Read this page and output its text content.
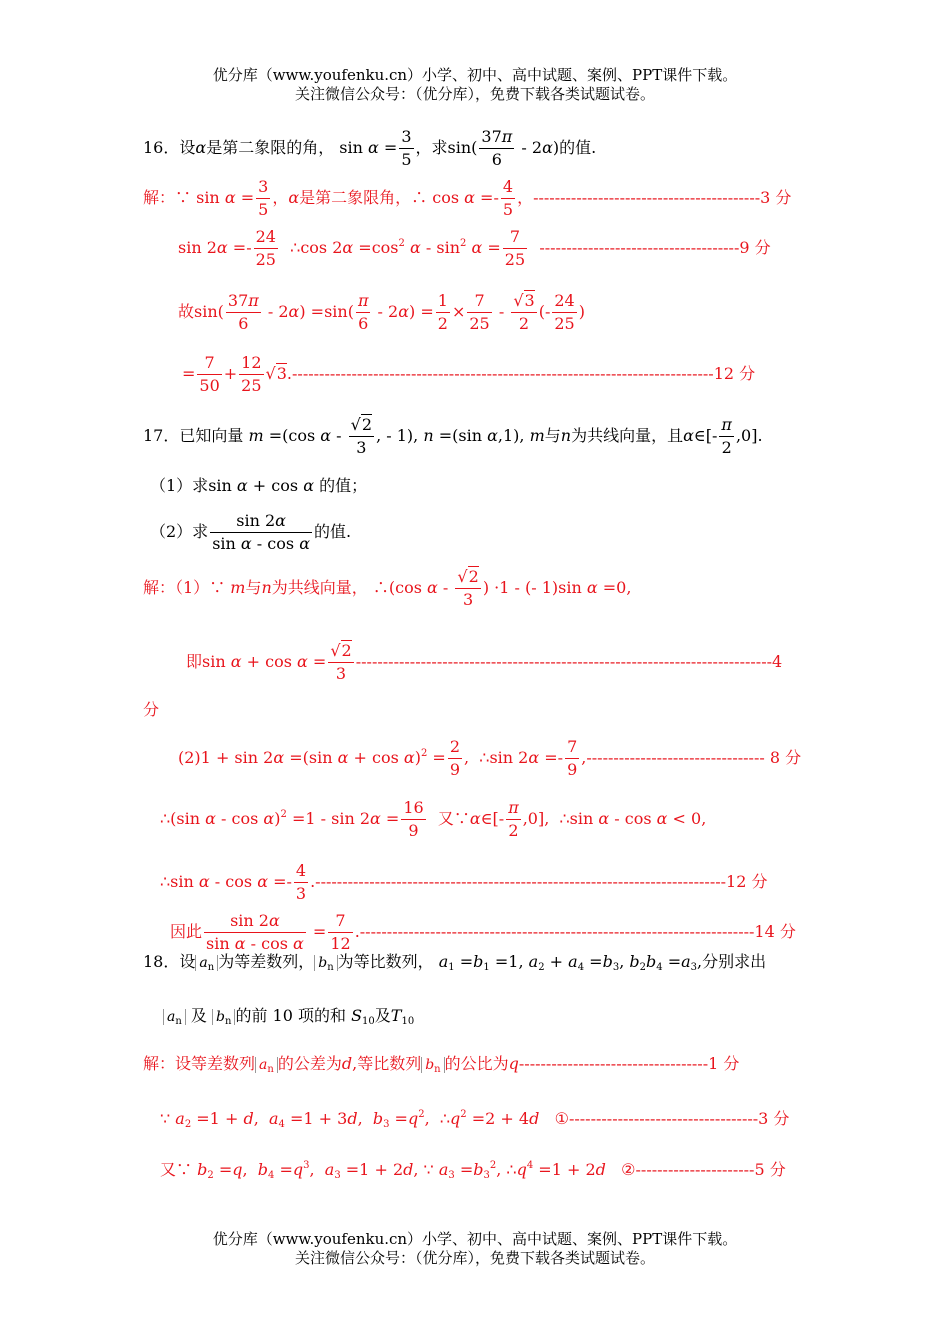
优分库（www.youfenku.cn）小学、初中、高中试题、案例、PPT课件下载。
关注微信公众号：（优分库），免费下载各类试题试卷。
16．设α是第二象限的角， $\sin \alpha = \frac{3}{5}$ ，求$\sin( \frac{37\pi}{6} - 2\alpha)$的值.
解：∵ $\sin \alpha = \frac{3}{5}$ ，α是第二象限角，∴ $\cos \alpha =- \frac{4}{5}$ ，------------------------------------------3 分
$\sin 2\alpha =- \frac{24}{25}$ ∴cos $2\alpha =\cos^2$ $\alpha - \sin^2 \alpha = \frac{7}{25} -------------------------------------9$ 分
故$\sin( \frac{37\pi}{6} - 2\alpha) =\sin( \frac{\pi}{6} - 2\alpha) = \frac{1}{2} \times \frac{7}{25} - \frac{√3}{2}$ (- $\frac{24}{25}$ )
= $\frac{7}{50} + \frac{12}{25} √3.------------------------------------------------------------------------------12$ 分
17．已知向量 m =(cos α - $\frac{√2}{3}$ , - 1), n =(sin α,1), m与n为共线向量，且α∈[- $\frac{\pi}{2} ,0$].
（1）求sin α + cos α 的值；
（2）求 $\frac{\sin 2\alpha}{\text{sin α - cos α}}$ 的值.
解：（1）∵ m与n为共线向量， ∴(cos α - $\frac{√2}{3}$ ) ·1 - (- 1)sin α =0,
即$\sin \alpha + \cos \alpha = \frac{√2}{3} -----------------------------------------------------------------------------4$
分
(2)1 + sin 2α =(sin $\alpha + \cos \alpha)^2 = \frac{2}{9}$ ,  ∴sin $2\alpha =- \frac{7}{9}$ ,--------------------------------- 8 分
∴(sin $\alpha - \cos \alpha)^2 =1 - \sin 2\alpha = \frac{16}{9}$ 又∵α∈[- $\frac{\pi}{2} ,0$],  ∴sin α - cos α < 0,
∴sin $\alpha - \cos \alpha =- \frac{4}{3} .----------------------------------------------------------------------------12$ 分
因此 $\frac{\sin 2\alpha}{\text{sin α - cos α}} = \frac{7}{12} .-------------------------------------------------------------------------14$ 分
18．设 $a_n$ 为等差数列， $b_n$ 为等比数列， $a_1 =b_1 =1$, $a_2 + a_4 =b_3$, $b_2b_4 =a_3$,分别求出
$a_n$ 及 $b_n$ 的前 10 项的和 $S_{10}$及$T_{10}$
解：设等差数列 $a_n$ 的公差为d,等比数列 $b_n$ 的公比为q-----------------------------------1 分
∵ $a_2 =1 + d$,  $a_4 =1 + 3d$,  $b_3 =q^2$,  $\therefore q^2 =2 + 4d$ ①-----------------------------------3 分
又∵ $b_2 =q$,  $b_4 =q^3$,  $a_3 =1 + 2d$, ∵ $a_3 =b_3^2$, $\therefore q^4 =1 + 2d$ ②----------------------5 分
优分库（www.youfenku.cn）小学、初中、高中试题、案例、PPT课件下载。
关注微信公众号：（优分库），免费下载各类试题试卷。
